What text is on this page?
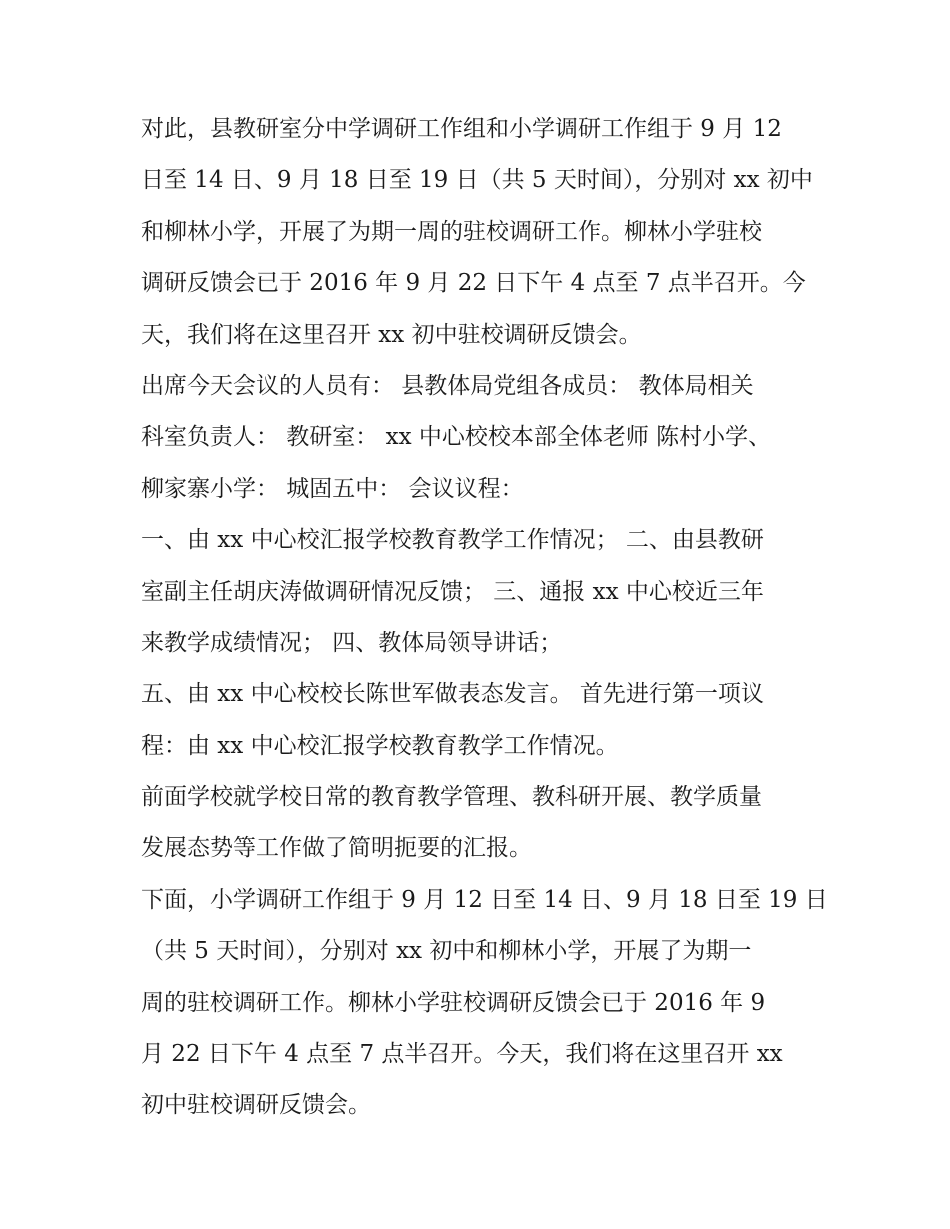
对此，县教研室分中学调研工作组和小学调研工作组于 9 月 12
日至 14 日、9 月 18 日至 19 日（共 5 天时间），分别对 xx 初中
和柳林小学，开展了为期一周的驻校调研工作。柳林小学驻校
调研反馈会已于 2016 年 9 月 22 日下午 4 点至 7 点半召开。今
天，我们将在这里召开 xx 初中驻校调研反馈会。
出席今天会议的人员有： 县教体局党组各成员： 教体局相关
科室负责人： 教研室： xx 中心校校本部全体老师 陈村小学、
柳家寨小学： 城固五中： 会议议程：
一、由 xx 中心校汇报学校教育教学工作情况； 二、由县教研
室副主任胡庆涛做调研情况反馈； 三、通报 xx 中心校近三年
来教学成绩情况； 四、教体局领导讲话；
五、由 xx 中心校校长陈世军做表态发言。 首先进行第一项议
程：由 xx 中心校汇报学校教育教学工作情况。
前面学校就学校日常的教育教学管理、教科研开展、教学质量
发展态势等工作做了简明扼要的汇报。
下面，小学调研工作组于 9 月 12 日至 14 日、9 月 18 日至 19 日
（共 5 天时间），分别对 xx 初中和柳林小学，开展了为期一
周的驻校调研工作。柳林小学驻校调研反馈会已于 2016 年 9
月 22 日下午 4 点至 7 点半召开。今天，我们将在这里召开 xx
初中驻校调研反馈会。
